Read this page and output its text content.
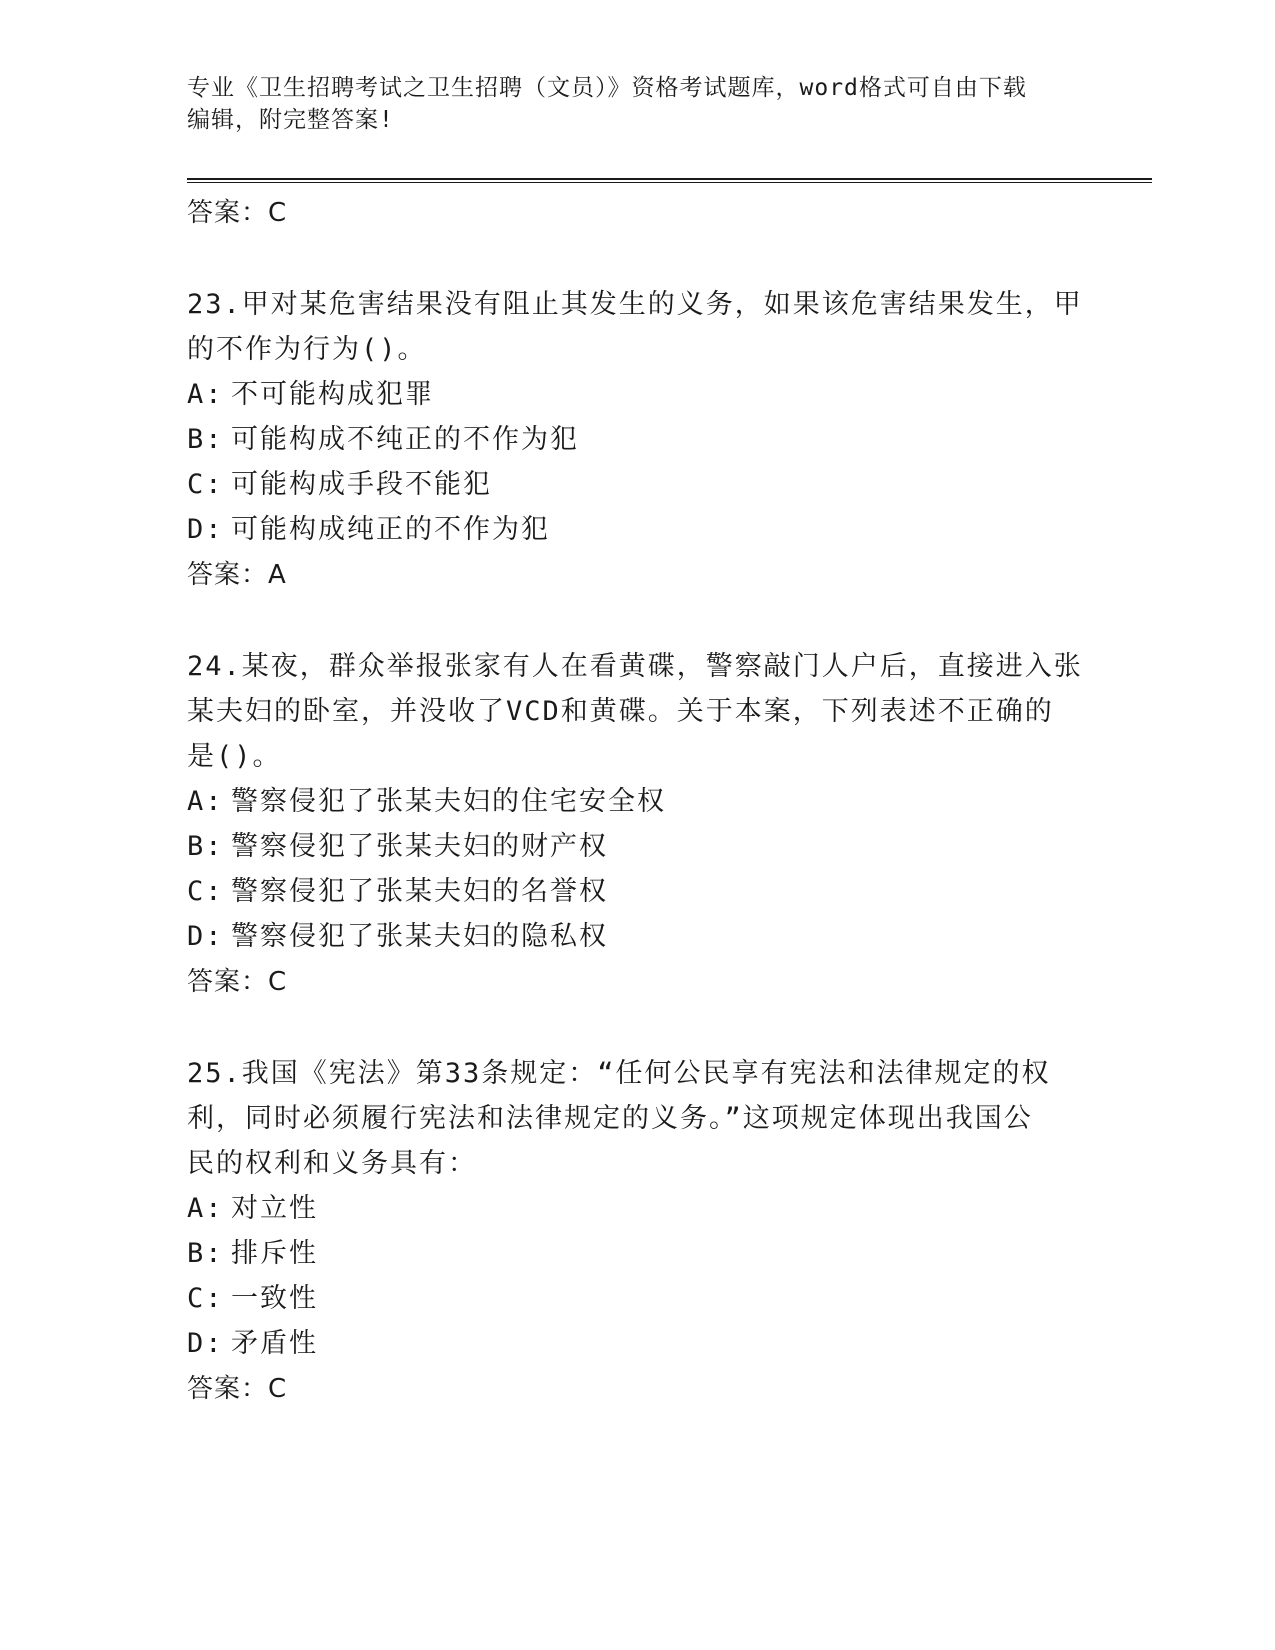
专业《卫生招聘考试之卫生招聘（文员）》资格考试题库，word格式可自由下载
编辑，附完整答案!
答案：C

23.甲对某危害结果没有阻止其发生的义务，如果该危害结果发生，甲

的不作为行为()。

A: 不可能构成犯罪

B: 可能构成不纯正的不作为犯

C: 可能构成手段不能犯

D: 可能构成纯正的不作为犯

答案：A

24.某夜，群众举报张家有人在看黄碟，警察敲门人户后，直接进入张

某夫妇的卧室，并没收了VCD和黄碟。关于本案，下列表述不正确的

是()。

A: 警察侵犯了张某夫妇的住宅安全权

B: 警察侵犯了张某夫妇的财产权

C: 警察侵犯了张某夫妇的名誉权

D: 警察侵犯了张某夫妇的隐私权

答案：C

25.我国《宪法》第33条规定：“任何公民享有宪法和法律规定的权

利，同时必须履行宪法和法律规定的义务。”这项规定体现出我国公

民的权利和义务具有：

A: 对立性

B: 排斥性

C: 一致性

D: 矛盾性

答案：C
